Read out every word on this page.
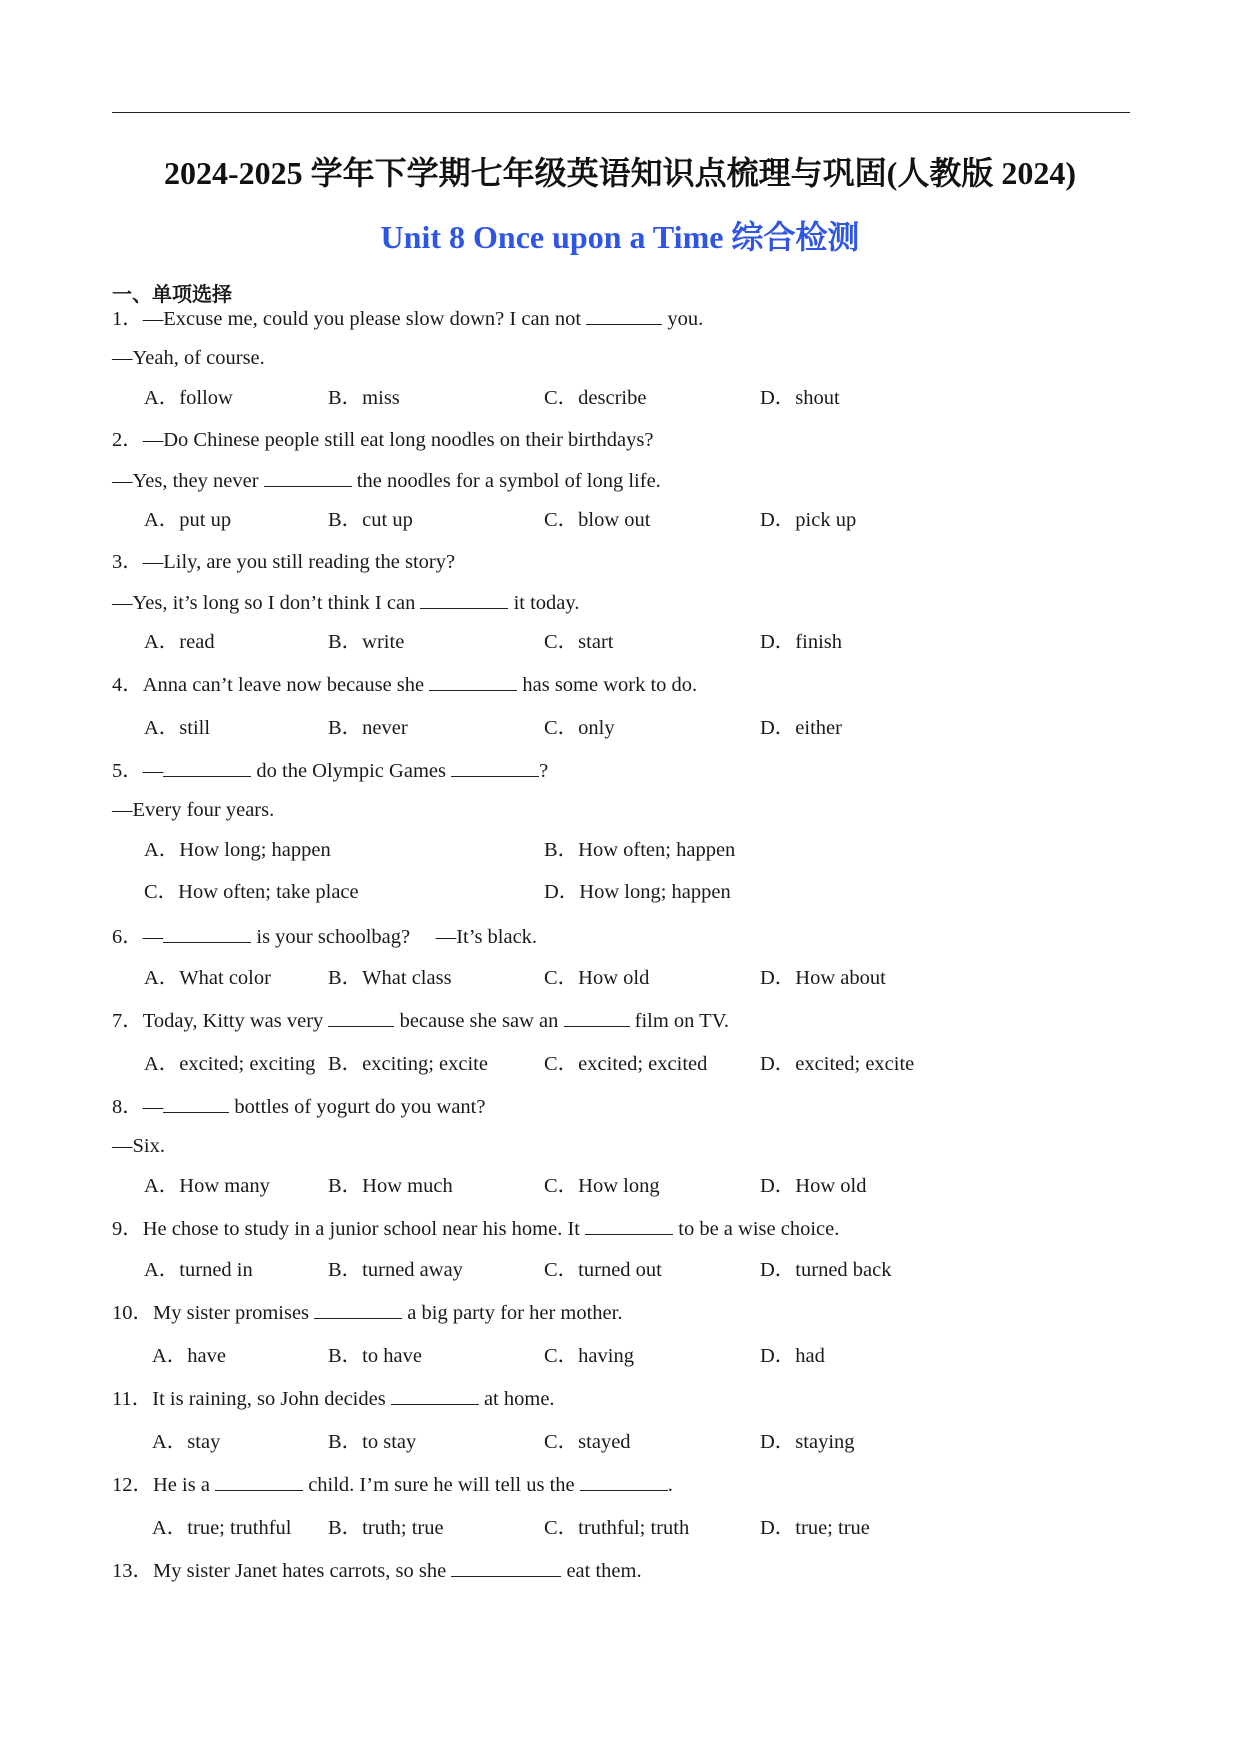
2024-2025 学年下学期七年级英语知识点梳理与巩固(人教版 2024)
Unit 8 Once upon a Time 综合检测
一、单项选择
1．—Excuse me, could you please slow down? I can not	you.
—Yeah, of course.
A．follow	B．miss	C．describe	D．shout
2．—Do Chinese people still eat long noodles on their birthdays?
—Yes, they never	the noodles for a symbol of long life.
A．put up	B．cut up	C．blow out	D．pick up
3．—Lily, are you still reading the story?
—Yes, it’s long so I don’t think I can	it today.
A．read	B．write	C．start	D．finish
4．Anna can’t leave now because she	has some work to do.
A．still	B．never	C．only	D．either
5．—	do the Olympic Games	?
—Every four years.
A．How long; happen	B．How often; happen
C．How often; take place	D．How long; happen
6．—	is your schoolbag?     —It’s black.
A．What color	B．What class	C．How old	D．How about
7．Today, Kitty was very	because she saw an	film on TV.
A．excited; exciting B．exciting; excite	C．excited; excited	D．excited; excite
8．—	bottles of yogurt do you want?
—Six.
A．How many	B．How much	C．How long	D．How old
9．He chose to study in a junior school near his home. It	to be a wise choice.
A．turned in	B．turned away	C．turned out	D．turned back
10．My sister promises	a big party for her mother.
A．have	B．to have	C．having	D．had
11．It is raining, so John decides	at home.
A．stay	B．to stay	C．stayed	D．staying
12．He is a	child. I’m sure he will tell us the	.
A．true; truthful B．truth; true	C．truthful; truth	D．true; true
13．My sister Janet hates carrots, so she	eat them.
